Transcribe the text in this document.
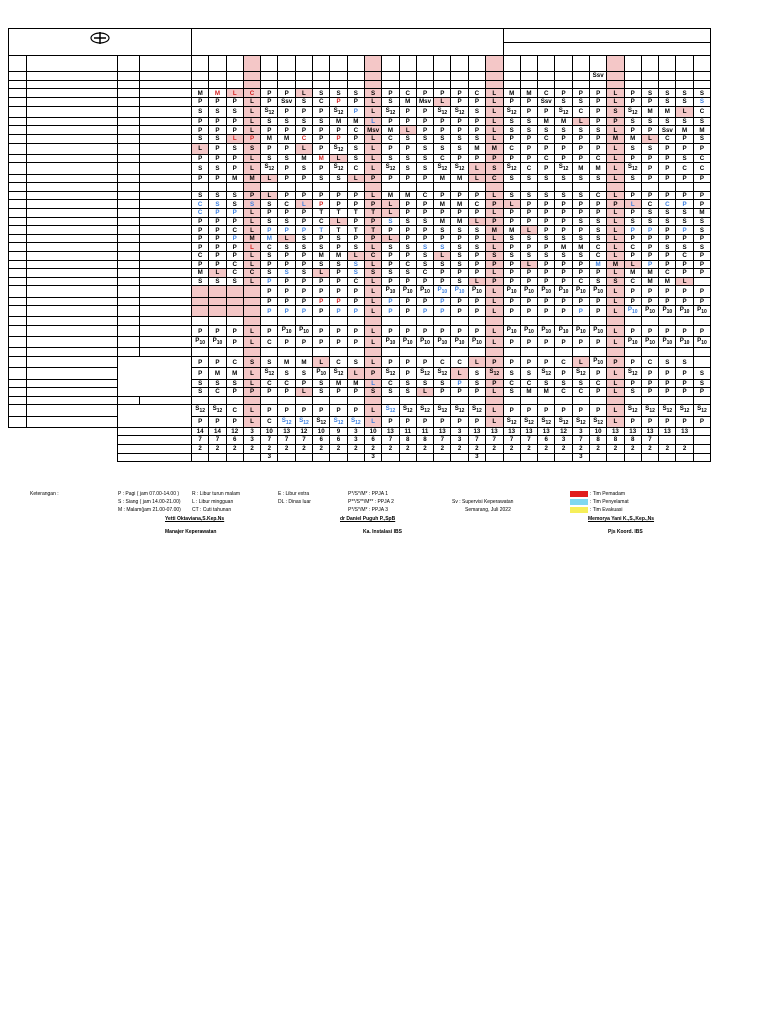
																											Ssv						

				M	M	L	C	P	P	L	S	S	S	S	P	C	P	P	P	C	L	M	M	C	P	P	P	L	P	S	S	S	S
				P	P	P	L	P	Ssv	S	C	P	P	L	S	M	Msv	L	P	P	L	P	P	Ssv	S	S	P	L	P	P	S	S	S
				S	S	S	L	$S_{12}$	P	P	P	$S_{12}$	P	L	$S_{12}$	P	P	$S_{12}$	$S_{12}$	S	L	$S_{12}$	P	P	$S_{12}$	C	P	S	$S_{12}$	M	M	L	C
				P	P	P	L	S	S	S	S	M	M	L	P	P	P	P	P	P	L	S	S	M	M	L	P	P	S	S	S	S	S
				P	P	P	L	P	P	P	P	P	C	Msv	M	L	P	P	P	P	L	S	S	S	S	S	S	L	P	P	Ssv	M	M
				S	S	L	P	M	M	C	P	P	P	L	C	S	S	S	S	S	L	P	P	C	P	P	P	M	M	L	C	P	S
				L	P	S	S	P	P	L	P	$S_{12}$	S	L	P	P	S	S	S	M	M	C	P	P	P	P	P	L	S	S	P	P	P
				P	P	P	L	S	S	M	M	L	S	L	S	S	S	C	P	P	P	P	P	C	P	P	C	L	P	P	P	S	C
				S	S	P	L	$S_{12}$	P	S	P	$S_{12}$	C	L	$S_{12}$	S	S	$S_{12}$	$S_{12}$	L	S	$S_{12}$	C	P	$S_{12}$	M	M	L	$S_{12}$	P	P	C	C
				P	P	M	M	L	P	P	S	S	L	P	P	P	P	M	M	L	C	S	S	S	S	S	S	L	S	P	P	P	P

				S	S	S	P	L	P	P	P	P	P	L	M	M	C	P	P	P	L	S	S	S	S	S	C	L	P	P	P	P	P
				C	S	S	S	S	C	L	P	P	P	P	L	P	P	M	M	C	P	L	P	P	P	P	P	P	L	C	C	P	P
				C	P	P	L	P	P	P	T	T	T	T	L	P	P	P	P	P	L	P	P	P	P	P	P	L	P	S	S	S	M
				P	P	P	L	S	S	P	C	L	P	P	S	S	S	M	M	L	P	P	P	P	P	S	S	L	S	S	S	S	S
				P	P	C	L	P	P	P	T	T	T	T	P	P	P	S	S	S	M	M	L	P	P	P	S	L	P	P	P	P	S
				P	P	P	M	M	L	S	P	S	P	P	L	P	P	P	P	P	L	S	S	S	S	S	S	L	P	P	P	P	P
				P	P	P	L	C	S	S	S	P	S	L	S	S	S	S	S	S	L	P	P	P	M	M	C	L	C	P	S	S	S
				C	P	P	L	S	P	P	M	M	L	C	P	P	S	L	S	P	S	S	S	S	S	S	C	L	P	P	P	C	P
				P	P	C	L	P	P	P	S	S	S	L	P	C	S	S	S	P	P	P	L	P	P	P	M	M	L	P	P	P	P
				M	L	C	C	S	S	S	L	P	S	S	S	S	C	P	P	P	L	P	P	P	P	P	P	L	M	M	C	P	P
				S	S	S	L	P	P	P	P	P	C	L	P	P	P	P	S	L	P	P	P	P	P	C	S	S	C	M	M	L	
								P	P	P	P	P	P	L	$P_{10}$	$P_{10}$	$P_{10}$	$P_{10}$	$P_{10}$	$P_{10}$	L	$P_{10}$	$P_{10}$	$P_{10}$	$P_{10}$	$P_{10}$	$P_{10}$	L	P	P	P	P	P
								P	P	P	P	P	P	L	P	P	P	P	P	P	L	P	P	P	P	P	P	L	P	P	P	P	P
								P	P	P	P	P	P	L	P	P	P	P	P	P	L	P	P	P	P	P	P	L	$P_{10}$	$P_{10}$	$P_{10}$	$P_{10}$	$P_{10}$

				P	P	P	L	P	$P_{10}$	$P_{10}$	P	P	P	L	P	P	P	P	P	P	L	$P_{10}$	$P_{10}$	$P_{10}$	$P_{10}$	$P_{10}$	$P_{10}$	L	P	P	P	P	P
				$P_{10}$	$P_{10}$	P	L	C	P	P	P	P	P	L	$P_{10}$	$P_{10}$	$P_{10}$	$P_{10}$	$P_{10}$	$P_{10}$	L	P	P	P	P	P	P	L	$P_{10}$	$P_{10}$	$P_{10}$	$P_{10}$	$P_{10}$

				P	P	C	S	S	M	M	L	C	S	L	P	P	P	C	C	L	P	P	P	P	C	L	$P_{10}$	P	P	C	S	S	
				P	M	M	L	$S_{12}$	S	S	$P_{10}$	$S_{12}$	L	P	$S_{12}$	P	$S_{12}$	$S_{12}$	L	S	$S_{12}$	S	S	$S_{12}$	P	$S_{12}$	P	L	$S_{12}$	P	P	P	S
				S	S	S	L	C	C	P	S	M	M	L	C	S	S	S	P	S	P	C	C	S	S	S	C	L	P	P	P	P	S
				S	C	P	P	P	P	L	S	P	P	S	S	S	L	P	P	P	L	S	M	M	C	C	P	L	S	P	P	P	P

				$S_{12}$	$S_{12}$	C	L	P	P	P	P	P	P	L	$S_{12}$	$S_{12}$	$S_{12}$	$S_{12}$	$S_{12}$	$S_{12}$	L	P	P	P	P	P	P	L	$S_{12}$	$S_{12}$	$S_{12}$	$S_{12}$	$S_{12}$
				P	P	P	L	C	$S_{12}$	$S_{12}$	$S_{12}$	$S_{12}$	$S_{12}$	L	P	P	P	P	P	P	L	$S_{12}$	$S_{12}$	$S_{12}$	$S_{12}$	$S_{12}$	$S_{12}$	L	P	P	P	P	P
				14	14	12	3	10	13	12	10	9	3	10	13	11	11	13	3	13	13	13	13	13	12	3	10	13	13	13	13	13	
				7	7	6	3	7	7	7	6	6	3	6	7	8	8	7	3	7	7	7	7	6	3	7	8	8	8	7			
				2	2	2	2	2	2	2	2	2	2	2	2	2	2	2	2	2	2	2	2	2	2	2	2	2	2	2	2	2	
								3						3						3						3							
Keterangan :	P : Pagi ( jam 07.00-14.00 )
S : Siang ( jam 14.00-21.00)
M : Malam(jam 21.00-07.00)
R : Libur turun malam
L : Libur mingguan
CT : Cuti tahunan
E : Libur extra
DL : Dinas luar
P*/S*/M* : PPJA 1
P**/S**/M** : PPJA 2
P*/S*/M* : PPJA 3
Sv : Supervisi Keperawatan
Semarang, Juli 2022
: Tim Pemadam
: Tim Penyelamat
: Tim Evakuasi
Yetti Oktaviana,S.Kep.Ns	dr Daniel Puguh P.,SpB	Memorya Yani K.,S.,Kep.,Ns
Manajer Keperawatan	Ka. Instalasi IBS	Pjs Koord. IBS
